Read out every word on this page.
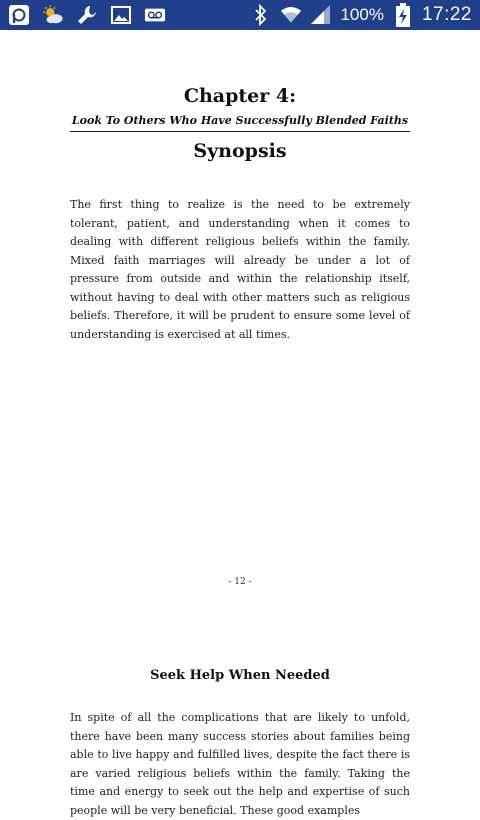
100% 17:22
Chapter 4:
Look To Others Who Have Successfully Blended Faiths
Synopsis
The first thing to realize is the need to be extremely tolerant, patient, and understanding when it comes to dealing with different religious beliefs within the family. Mixed faith marriages will already be under a lot of pressure from outside and within the relationship itself, without having to deal with other matters such as religious beliefs. Therefore, it will be prudent to ensure some level of understanding is exercised at all times.
- 12 -
Seek Help When Needed
In spite of all the complications that are likely to unfold, there have been many success stories about families being able to live happy and fulfilled lives, despite the fact there is are varied religious beliefs within the family. Taking the time and energy to seek out the help and expertise of such people will be very beneficial. These good examples
